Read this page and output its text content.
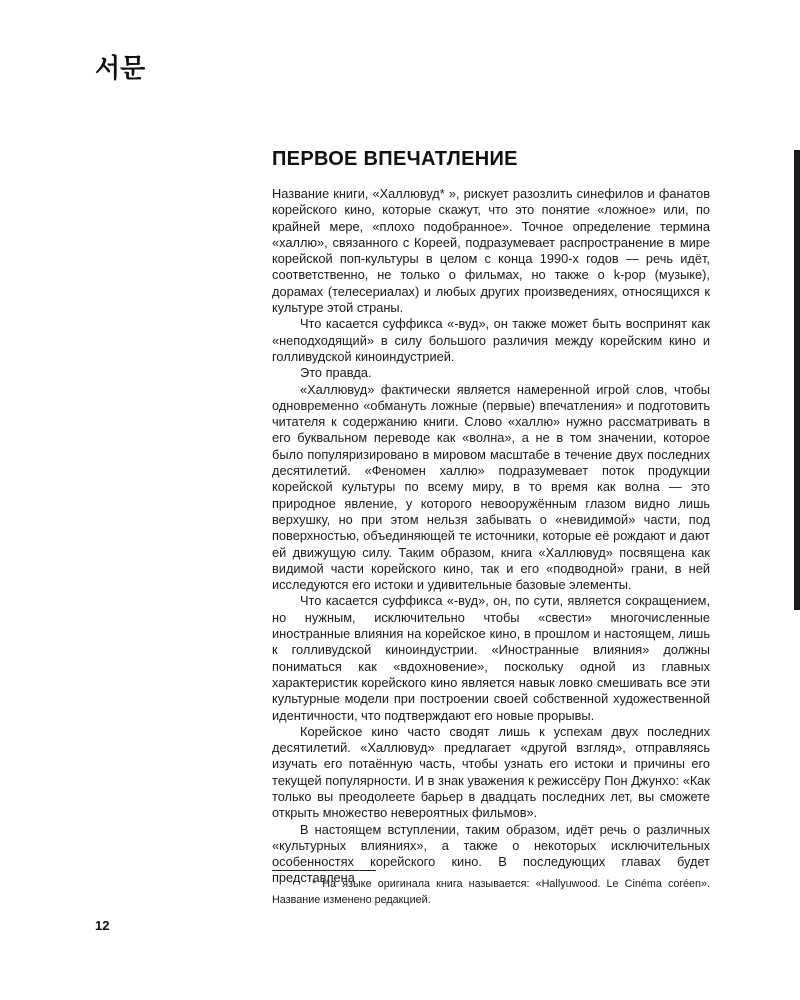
서문
ПЕРВОЕ ВПЕЧАТЛЕНИЕ

Название книги, «Халлювуд* », рискует разозлить синефилов и фанатов корейского кино, которые скажут, что это понятие «ложное» или, по крайней мере, «плохо подобранное». Точное определение термина «халлю», связанного с Кореей, подразумевает распространение в мире корейской поп-культуры в целом с конца 1990-х годов — речь идёт, соответственно, не только о фильмах, но также о k-pop (музыке), дорамах (телесериалах) и любых других произведениях, относящихся к культуре этой страны.

Что касается суффикса «-вуд», он также может быть воспринят как «неподходящий» в силу большого различия между корейским кино и голливудской киноиндустрией.

Это правда.

«Халлювуд» фактически является намеренной игрой слов, чтобы одновременно «обмануть ложные (первые) впечатления» и подготовить читателя к содержанию книги. Слово «халлю» нужно рассматривать в его буквальном переводе как «волна», а не в том значении, которое было популяризировано в мировом масштабе в течение двух последних десятилетий. «Феномен халлю» подразумевает поток продукции корейской культуры по всему миру, в то время как волна — это природное явление, у которого невооружённым глазом видно лишь верхушку, но при этом нельзя забывать о «невидимой» части, под поверхностью, объединяющей те источники, которые её рождают и дают ей движущую силу. Таким образом, книга «Халлювуд» посвящена как видимой части корейского кино, так и его «подводной» грани, в ней исследуются его истоки и удивительные базовые элементы.

Что касается суффикса «-вуд», он, по сути, является сокращением, но нужным, исключительно чтобы «свести» многочисленные иностранные влияния на корейское кино, в прошлом и настоящем, лишь к голливудской киноиндустрии. «Иностранные влияния» должны пониматься как «вдохновение», поскольку одной из главных характеристик корейского кино является навык ловко смешивать все эти культурные модели при построении своей собственной художественной идентичности, что подтверждают его новые прорывы.

Корейское кино часто сводят лишь к успехам двух последних десятилетий. «Халлювуд» предлагает «другой взгляд», отправляясь изучать его потаённую часть, чтобы узнать его истоки и причины его текущей популярности. И в знак уважения к режиссёру Пон Джунхо: «Как только вы преодолеете барьер в двадцать последних лет, вы сможете открыть множество невероятных фильмов».

В настоящем вступлении, таким образом, идёт речь о различных «культурных влияниях», а также о некоторых исключительных особенностях корейского кино. В последующих главах будет представлена

* На языке оригинала книга называется: «Hallyuwood. Le Cinéma coréen». Название изменено редакцией.
12
